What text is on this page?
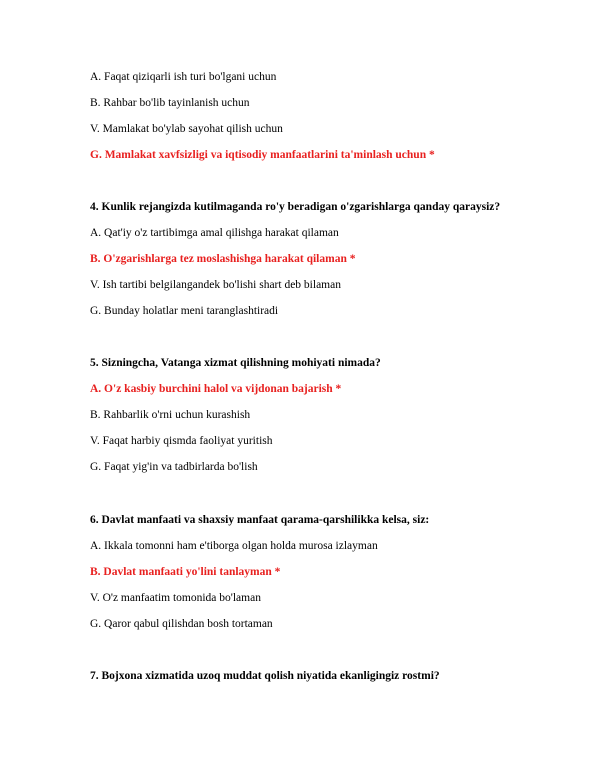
A. Faqat qiziqarli ish turi bo'lgani uchun
B. Rahbar bo'lib tayinlanish uchun
V. Mamlakat bo'ylab sayohat qilish uchun
G. Mamlakat xavfsizligi va iqtisodiy manfaatlarini ta'minlash uchun *
4. Kunlik rejangizda kutilmaganda ro'y beradigan o'zgarishlarga qanday qaraysiz?
A. Qat'iy o'z tartibimga amal qilishga harakat qilaman
B. O'zgarishlarga tez moslashishga harakat qilaman *
V. Ish tartibi belgilangandek bo'lishi shart deb bilaman
G. Bunday holatlar meni taranglashtiradi
5. Sizningcha, Vatanga xizmat qilishning mohiyati nimada?
A. O'z kasbiy burchini halol va vijdonan bajarish *
B. Rahbarlik o'rni uchun kurashish
V. Faqat harbiy qismda faoliyat yuritish
G. Faqat yig'in va tadbirlarda bo'lish
6. Davlat manfaati va shaxsiy manfaat qarama-qarshilikka kelsa, siz:
A. Ikkala tomonni ham e'tiborga olgan holda murosa izlayman
B. Davlat manfaati yo'lini tanlayman *
V. O'z manfaatim tomonida bo'laman
G. Qaror qabul qilishdan bosh tortaman
7. Bojxona xizmatida uzoq muddat qolish niyatida ekanligingiz rostmi?
